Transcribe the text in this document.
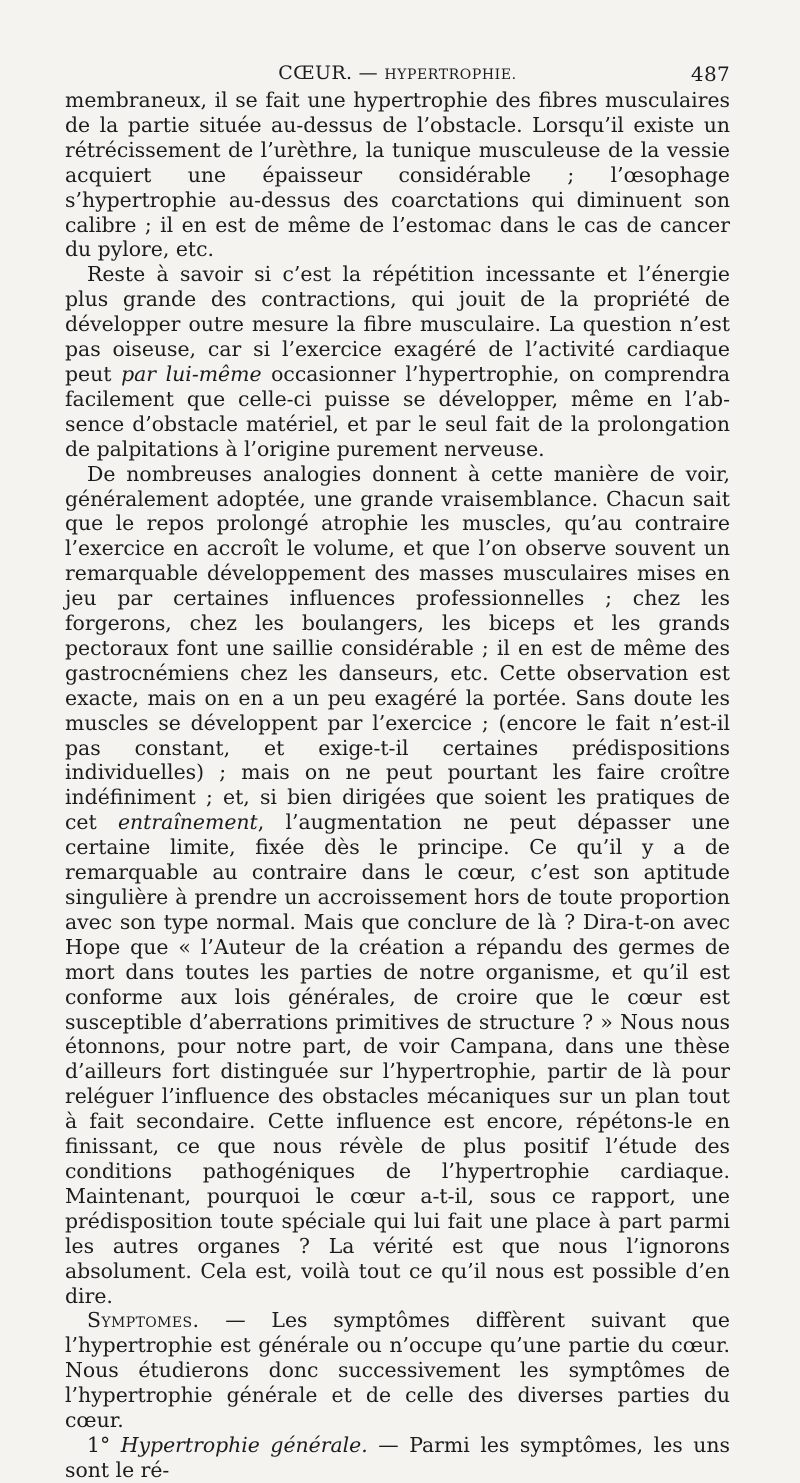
CŒUR. — HYPERTROPHIE.	487

membraneux, il se fait une hypertrophie des fibres musculaires de la partie située au-dessus de l’obstacle. Lorsqu’il existe un rétrécissement de l’urèthre, la tunique musculeuse de la vessie acquiert une épaisseur considérable ; l’œsophage s’hypertrophie au-dessus des coarctations qui diminuent son calibre ; il en est de même de l’estomac dans le cas de cancer du pylore, etc.

Reste à savoir si c’est la répétition incessante et l’énergie plus grande des contractions, qui jouit de la propriété de développer outre mesure la fibre musculaire. La question n’est pas oiseuse, car si l’exercice exagéré de l’activité cardiaque peut par lui-même occasionner l’hypertrophie, on comprendra facilement que celle-ci puisse se développer, même en l’absence d’obstacle matériel, et par le seul fait de la prolongation de palpitations à l’origine purement nerveuse.

De nombreuses analogies donnent à cette manière de voir, généralement adoptée, une grande vraisemblance. Chacun sait que le repos prolongé atrophie les muscles, qu’au contraire l’exercice en accroît le volume, et que l’on observe souvent un remarquable développement des masses musculaires mises en jeu par certaines influences professionnelles ; chez les forgerons, chez les boulangers, les biceps et les grands pectoraux font une saillie considérable ; il en est de même des gastrocnémiens chez les danseurs, etc. Cette observation est exacte, mais on en a un peu exagéré la portée. Sans doute les muscles se développent par l’exercice ; (encore le fait n’est-il pas constant, et exige-t-il certaines prédispositions individuelles) ; mais on ne peut pourtant les faire croître indéfiniment ; et, si bien dirigées que soient les pratiques de cet entraînement, l’augmentation ne peut dépasser une certaine limite, fixée dès le principe. Ce qu’il y a de remarquable au contraire dans le cœur, c’est son aptitude singulière à prendre un accroissement hors de toute proportion avec son type normal. Mais que conclure de là ? Dira-t-on avec Hope que « l’Auteur de la création a répandu des germes de mort dans toutes les parties de notre organisme, et qu’il est conforme aux lois générales, de croire que le cœur est susceptible d’aberrations primitives de structure ? » Nous nous étonnons, pour notre part, de voir Campana, dans une thèse d’ailleurs fort distinguée sur l’hypertrophie, partir de là pour reléguer l’influence des obstacles mécaniques sur un plan tout à fait secondaire. Cette influence est encore, répétons-le en finissant, ce que nous révèle de plus positif l’étude des conditions pathogéniques de l’hypertrophie cardiaque. Maintenant, pourquoi le cœur a-t-il, sous ce rapport, une prédisposition toute spéciale qui lui fait une place à part parmi les autres organes ? La vérité est que nous l’ignorons absolument. Cela est, voilà tout ce qu’il nous est possible d’en dire.

Symptomes. — Les symptômes diffèrent suivant que l’hypertrophie est générale ou n’occupe qu’une partie du cœur. Nous étudierons donc successivement les symptômes de l’hypertrophie générale et de celle des diverses parties du cœur.

1° Hypertrophie générale. — Parmi les symptômes, les uns sont le ré-
